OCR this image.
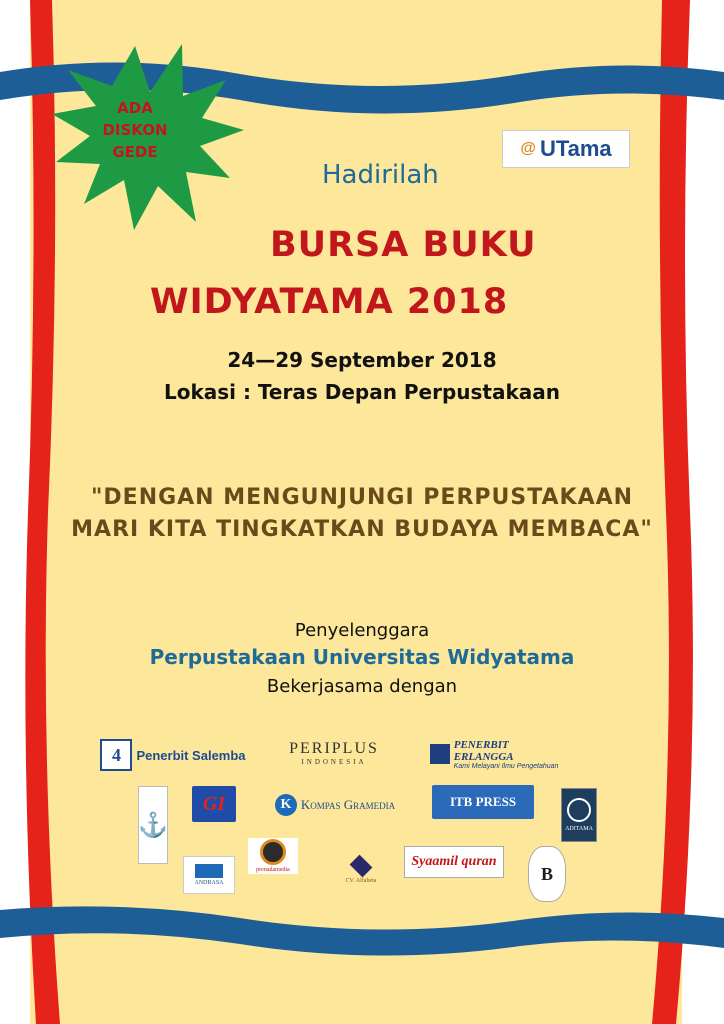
ADA
DISKON
GEDE	@ UTama
Hadirilah
BURSA BUKU
WIDYATAMA 2018
24—29 September 2018
Lokasi : Teras Depan Perpustakaan
"DENGAN MENGUNJUNGI PERPUSTAKAAN
MARI KITA TINGKATKAN BUDAYA MEMBACA"
Penyelenggara
Perpustakaan Universitas Widyatama
Bekerjasama dengan
4	Penerbit Salemba	PERIPLUS
INDONESIA
PENERBIT ERLANGGA
Kami Melayani Ilmu Pengetahuan
⚓
GI	K Kompas Gramedia	ITB PRESS
ADITAMA
prenadamedia
ANDRASA	CV. Alfabeta
Syaamil quran
B
